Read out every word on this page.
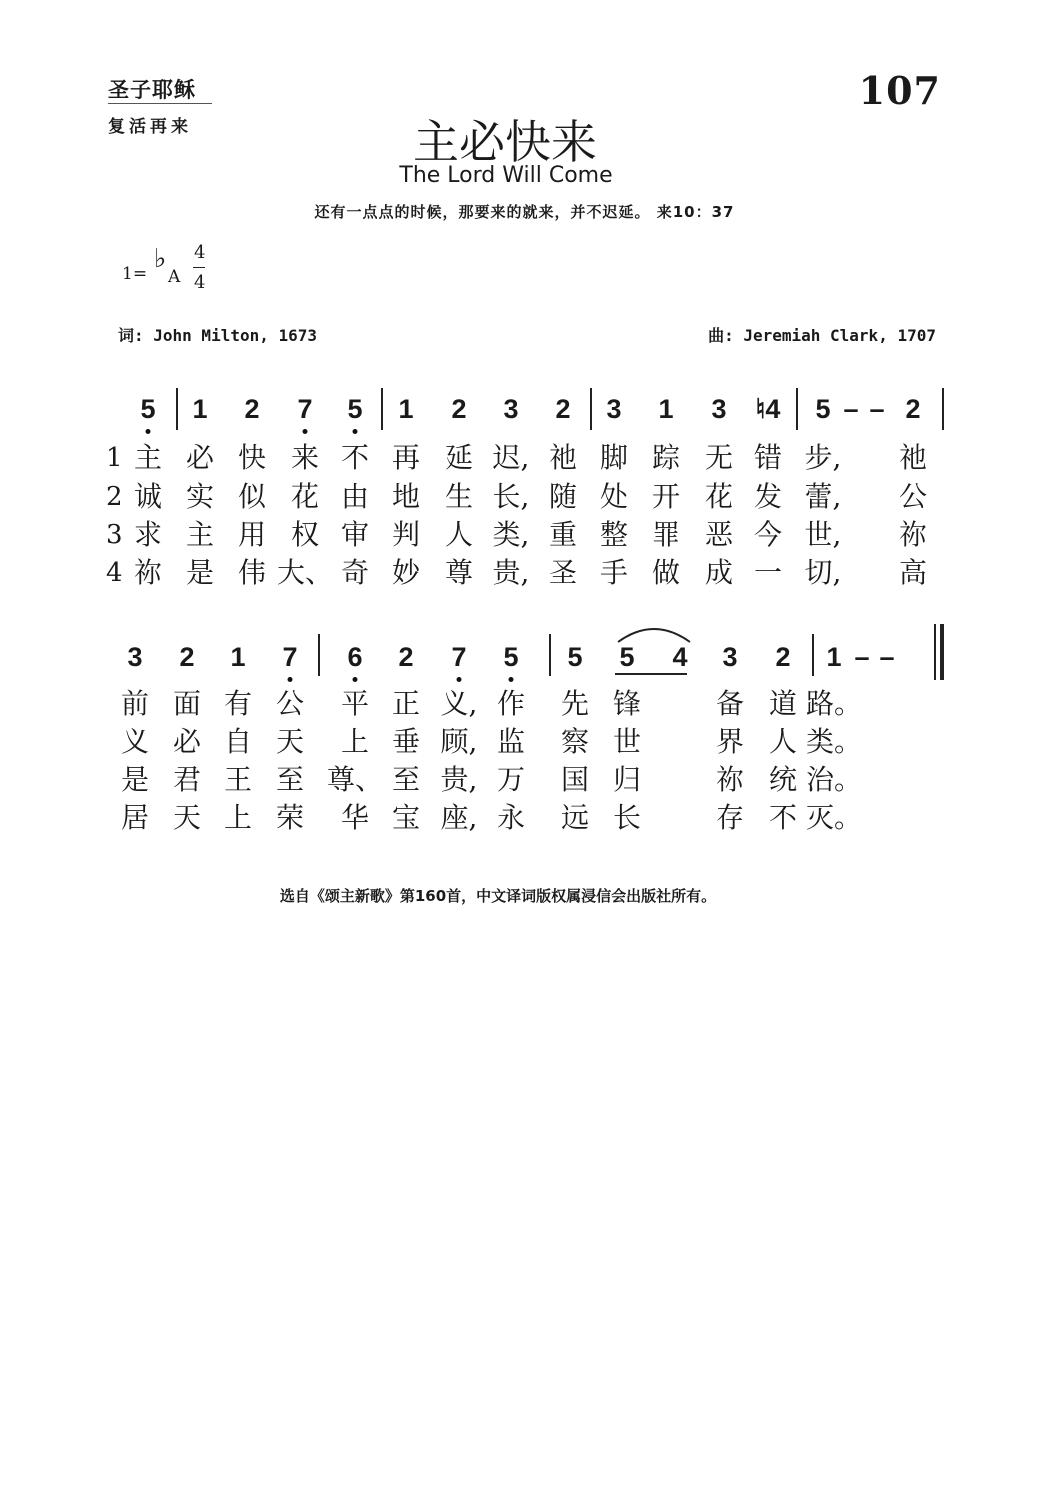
圣子耶稣
复活再来
107
主必快来
The Lord Will Come
还有一点点的时候，那要来的就来，并不迟延。 来10：37
1= ♭
A
4
4
词: John Milton, 1673	曲: Jeremiah Clark, 1707
5 1 2 7 5 1 2 3 2 3 1 3 ♮4 5 – – 2
1 主 必 快 来 不 再 延 迟, 祂 脚 踪 无 错 步, 祂
2 诚 实 似 花 由 地 生 长, 随 处 开 花 发 蕾, 公
3 求 主 用 权 审 判 人 类, 重 整 罪 恶 今 世, 祢
4 祢 是 伟 大、 奇 妙 尊 贵, 圣 手 做 成 一 切, 高
3 2 1 7 6 2 7 5 5 5 4 3 2 1 – –
前 面 有 公 平 正 义, 作 先 锋	备 道 路。
义 必 自 天 上 垂 顾, 监 察 世	界 人 类。
是 君 王 至 尊、 至 贵, 万 国 归	祢 统 治。
居 天 上 荣 华 宝 座, 永 远 长	存 不 灭。
选自《颂主新歌》第160首，中文译词版权属浸信会出版社所有。
